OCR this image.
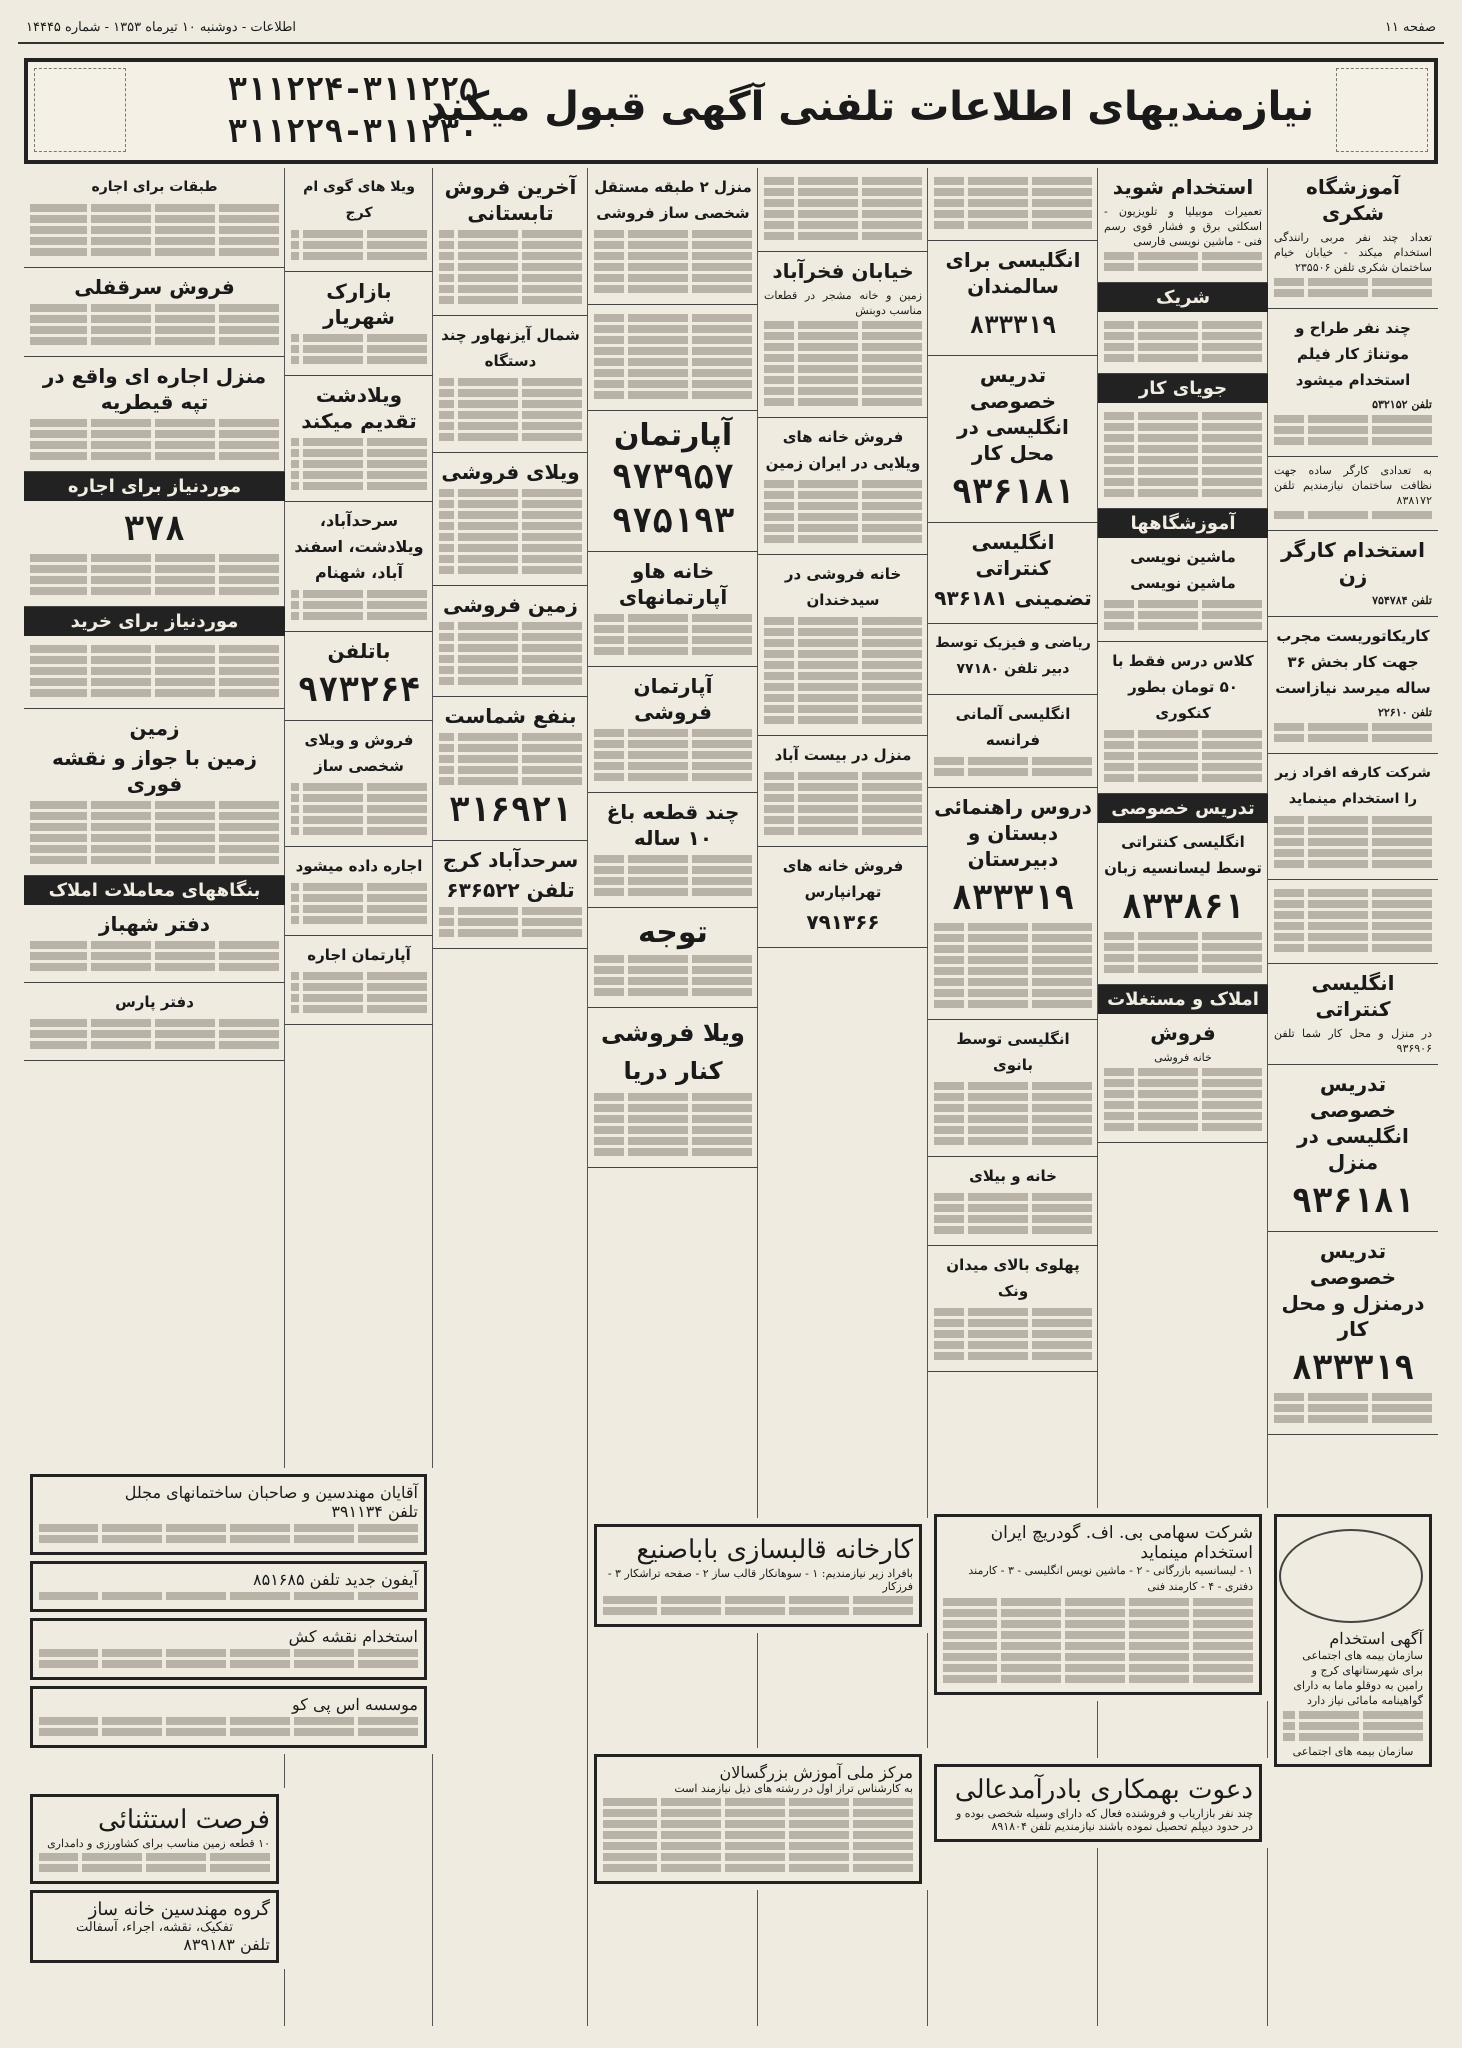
صفحه ۱۱
اطلاعات - دوشنبه ۱۰ تیرماه ۱۳۵۳ - شماره ۱۴۴۴۵
نیازمندیهای اطلاعات تلفنی آگهی قبول میکند
۳۱۱۲۲۴-۳۱۱۲۲۵
۳۱۱۲۲۹-۳۱۱۲۳۰
آموزشگاه شکری
تعداد چند نفر مربی رانندگی استخدام میکند - خیابان خیام ساختمان شکری تلفن ۲۳۵۵۰۶
چند نفر طراح و موتناژ کار فیلم استخدام میشود
تلفن ۵۳۲۱۵۲
به تعدادی کارگر ساده جهت نظافت ساختمان نیازمندیم تلفن ۸۳۸۱۷۲
استخدام کارگر زن
تلفن ۷۵۴۷۸۴
کاریکاتوریست مجرب جهت کار بخش ۳۶ ساله میرسد نیازاست
تلفن ۲۲۶۱۰
شرکت کارفه افراد زیر را استخدام مینماید
انگلیسی کنتراتی
در منزل و محل کار شما تلفن ۹۳۶۹۰۶
تدریس خصوصی انگلیسی در منزل
۹۳۶۱۸۱
تدریس خصوصی درمنزل و محل کار
۸۳۳۳۱۹
استخدام شوید
تعمیرات موبیلیا و تلویزیون - اسکلتی برق و فشار قوی رسم فنی - ماشین نویسی فارسی
شریک
جویای کار
آموزشگاهها
ماشین نویسی ماشین نویسی
کلاس درس فقط با ۵۰ تومان بطور کنکوری
تدریس خصوصی
انگلیسی کنتراتی توسط لیسانسیه زبان
۸۳۳۸۶۱
املاک و مستغلات
فروش
خانه فروشی
انگلیسی برای سالمندان
۸۳۳۳۱۹
تدریس خصوصی انگلیسی در محل کار
۹۳۶۱۸۱
انگلیسی کنتراتی
تضمینی ۹۳۶۱۸۱
ریاضی و فیزیک توسط دبیر تلفن ۷۷۱۸۰
انگلیسی آلمانی فرانسه
دروس راهنمائی دبستان و دبیرستان
۸۳۳۳۱۹
انگلیسی توسط بانوی
خانه و بیلای
پهلوی بالای میدان ونک
خیابان فخرآباد
زمین و خانه مشجر در قطعات مناسب دوبنش
فروش خانه های ویلایی در ایران زمین
خانه فروشی در سیدخندان
منزل در بیست آباد
فروش خانه های تهرانپارس
۷۹۱۳۶۶
منزل ۲ طبقه مستقل شخصی ساز فروشی
آپارتمان
۹۷۳۹۵۷
۹۷۵۱۹۳
خانه هاو آپارتمانهای
آپارتمان فروشی
چند قطعه باغ ۱۰ ساله
توجه
ویلا فروشی کنار دریا
آخرین فروش تابستانی
شمال آیزنهاور چند دستگاه
ویلای فروشی
زمین فروشی
بنفع شماست
۳۱۶۹۲۱
سرحدآباد کرج
تلفن ۶۳۶۵۲۲
ویلا های گوی ام کرج
بازارک شهریار
ویلادشت تقدیم میکند
سرحدآباد، ویلادشت، اسفند آباد، شهنام
باتلفن
۹۷۳۲۶۴
فروش و ویلای شخصی ساز
اجاره داده میشود
آپارتمان اجاره
طبقات برای اجاره
فروش سرقفلی
منزل اجاره ای واقع در تپه قیطریه
موردنیاز برای اجاره
۳۷۸
موردنیاز برای خرید
زمین
زمین با جواز و نقشه فوری
بنگاههای معاملات املاک
دفتر شهباز
دفتر پارس
آگهی استخدام
سازمان بیمه های اجتماعی برای شهرستانهای کرج و رامین به دوقلو ماما به دارای گواهینامه مامائی نیاز دارد
سازمان بیمه های اجتماعی
شرکت سهامی بی. اف. گودریچ ایران استخدام مینماید
۱ - لیسانسیه بازرگانی - ۲ - ماشین نویس انگلیسی - ۳ - کارمند دفتری - ۴ - کارمند فنی
مرکز ملی آموزش بزرگسالان
به کارشناس تراز اول در رشته های ذیل نیازمند است	دعوت بهمکاری بادرآمدعالی
چند نفر بازاریاب و فروشنده فعال که دارای وسیله شخصی بوده و در حدود دیپلم تحصیل نموده باشند نیازمندیم تلفن ۸۹۱۸۰۴
کارخانه قالبسازی باباصنیع
بافراد زیر نیازمندیم: ۱ - سوهانکار قالب ساز ۲ - صفحه تراشکار ۳ - فرزکار
آقایان مهندسین و صاحبان ساختمانهای مجلل
تلفن ۳۹۱۱۳۴
آیفون جدید تلفن ۸۵۱۶۸۵
استخدام نقشه کش
موسسه اس پی کو
فرصت استثنائی
۱۰ قطعه زمین مناسب برای کشاورزی و دامداری
گروه مهندسین خانه ساز
تفکیک، نقشه، اجراء، آسفالت
تلفن ۸۳۹۱۸۳
